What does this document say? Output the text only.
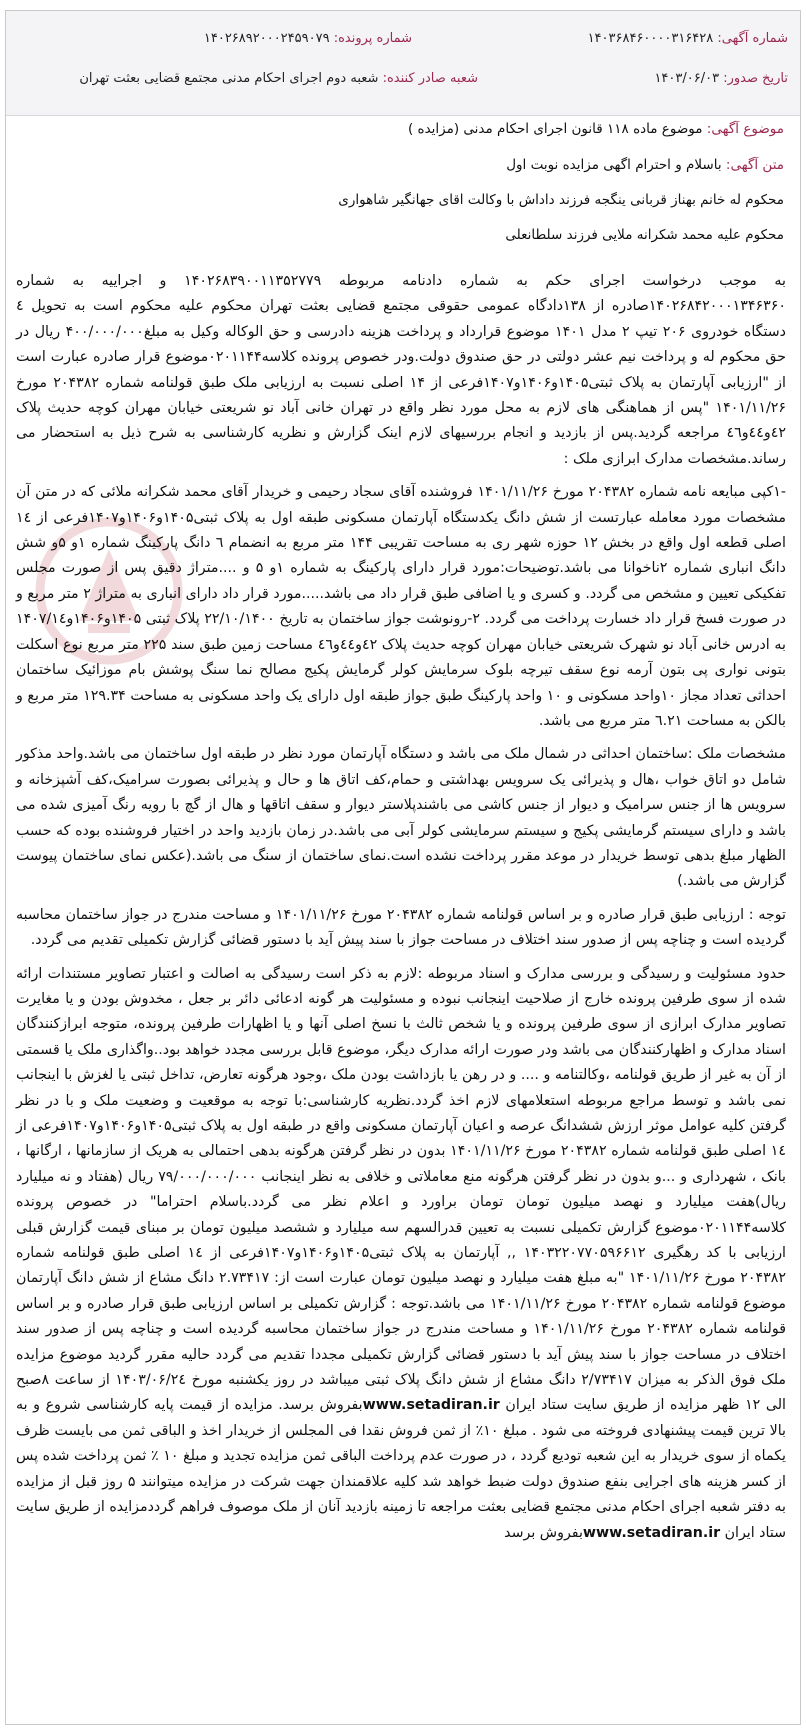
شماره آگهی: ۱۴۰۳۶۸۴۶۰۰۰۰۳۱۶۴۲۸
شماره پرونده: ۱۴۰۲۶۸۹۲۰۰۰۲۴۵۹۰۷۹
تاریخ صدور: ۱۴۰۳/۰۶/۰۳
شعبه صادر کننده: شعبه دوم اجرای احکام مدنی مجتمع قضایی بعثت تهران
موضوع آگهی: موضوع ماده ۱۱۸ قانون اجرای احکام مدنی (مزایده )
متن آگهی: باسلام و احترام اگهی مزایده نوبت اول
محکوم له خانم بهناز قربانی ینگجه فرزند داداش با وکالت اقای جهانگیر شاهواری
محکوم علیه محمد شکرانه ملایی فرزند سلطانعلی

به موجب درخواست اجرای حکم به شماره دادنامه مربوطه ۱۴۰۲۶۸۳۹۰۰۱۱۳۵۲۷۷۹ و اجراییه به شماره ۱۴۰۲۶۸۴۲۰۰۰۱۳۴۶۳۶۰صادره از ۱۳۸دادگاه عمومی حقوقی مجتمع قضایی بعثت تهران محکوم علیه محکوم است به تحویل ٤ دستگاه خودروی ۲۰۶ تیپ ۲ مدل ۱۴۰۱ موضوع قرارداد و پرداخت هزینه دادرسی و حق الوکاله وکیل به مبلغ۴۰۰/۰۰۰/۰۰۰ ریال در حق محکوم له و پرداخت نیم عشر دولتی در حق صندوق دولت.ودر خصوص پرونده کلاسه۰۲۰۱۱۴۴موضوع قرار صادره عبارت است از "ارزیابی آپارتمان به پلاک ثبتی۱۴۰۵و۱۴۰۶و۱۴۰۷فرعی از ۱۴ اصلی نسبت به ارزیابی ملک طبق قولنامه شماره ۲۰۴۳۸۲ مورخ ۱۴۰۱/۱۱/۲۶ "پس از هماهنگی های لازم به محل مورد نظر واقع در تهران خانی آباد نو شریعتی خیابان مهران کوچه حدیث پلاک ٤٢و٤٤و٤٦ مراجعه گردید.پس از بازدید و انجام بررسیهای لازم اینک گزارش و نظریه کارشناسی به شرح ذیل به استحضار می رساند.مشخصات مدارک ابرازی ملک :

-۱کپی مبایعه نامه شماره ۲۰۴۳۸۲ مورخ ۱۴۰۱/۱۱/۲۶ فروشنده آقای سجاد رحیمی و خریدار آقای محمد شکرانه ملائی که در متن آن مشخصات مورد معامله عبارتست از شش دانگ یکدستگاه آپارتمان مسکونی طبقه اول به پلاک ثبتی۱۴۰۵و۱۴۰۶و۱۴۰۷فرعی از ١٤ اصلی قطعه اول واقع در بخش ۱۲ حوزه شهر ری به مساحت تقریبی ۱۴۴ متر مربع به انضمام ٦ دانگ پارکینگ شماره ۱و ۵و شش دانگ انباری شماره ۲ناخوانا می باشد.توضیحات:مورد قرار دارای پارکینگ به شماره ۱و ۵ و ....متراژ دقیق پس از صورت مجلس تفکیکی تعیین و مشخص می گردد. و کسری و یا اضافی طبق قرار داد می باشد.....مورد قرار داد دارای انباری به متراژ ۲ متر مربع و در صورت فسخ قرار داد خسارت پرداخت می گردد. ۲-رونوشت جواز ساختمان به تاریخ ۲۲/۱۰/۱۴۰۰ پلاک ثبتی ۱۴۰۵و۱۴۰۶و۱۴۰۷/١٤ به ادرس خانی آباد نو شهرک شریعتی خیابان مهران کوچه حدیث پلاک ٤٢و٤٤و٤٦ مساحت زمین طبق سند ۲۲۵ متر مربع نوع اسکلت بتونی نواری پی بتون آرمه نوع سقف تیرچه بلوک سرمایش کولر گرمایش پکیج مصالح نما سنگ پوشش بام موزائیک ساختمان احداثی تعداد مجاز ۱۰واحد مسکونی و ۱۰ واحد پارکینگ طبق جواز طبقه اول دارای یک واحد مسکونی به مساحت ۱۲۹.۳۴ متر مربع و بالکن به مساحت ٦.٢١ متر مربع می باشد.

مشخصات ملک :ساختمان احداثی در شمال ملک می باشد و دستگاه آپارتمان مورد نظر در طبقه اول ساختمان می باشد.واحد مذکور شامل دو اتاق خواب ،هال و پذیرائی یک سرویس بهداشتی و حمام،کف اتاق ها و حال و پذیرائی بصورت سرامیک،کف آشپزخانه و سرویس ها از جنس سرامیک و دیوار از جنس کاشی می باشندپلاستر دیوار و سقف اتاقها و هال از گچ با رویه رنگ آمیزی شده می باشد و دارای سیستم گرمایشی پکیج و سیستم سرمایشی کولر آبی می باشد.در زمان بازدید واحد در اختیار فروشنده بوده که حسب الظهار مبلغ بدهی توسط خریدار در موعد مقرر پرداخت نشده است.نمای ساختمان از سنگ می باشد.(عکس نمای ساختمان پیوست گزارش می باشد.)

توجه : ارزیابی طبق قرار صادره و بر اساس قولنامه شماره ۲۰۴۳۸۲ مورخ ۱۴۰۱/۱۱/۲۶ و مساحت مندرج در جواز ساختمان محاسبه گردیده است و چناچه پس از صدور سند اختلاف در مساحت جواز با سند پیش آید با دستور قضائی گزارش تکمیلی تقدیم می گردد.

حدود مسئولیت و رسیدگی و بررسی مدارک و اسناد مربوطه :لازم به ذکر است رسیدگی به اصالت و اعتبار تصاویر مستندات ارائه شده از سوی طرفین پرونده خارج از صلاحیت اینجانب نبوده و مسئولیت هر گونه ادعائی دائر بر جعل ، مخدوش بودن و یا مغایرت تصاویر مدارک ابرازی از سوی طرفین پرونده و یا شخص ثالث با نسخ اصلی آنها و یا اظهارات طرفین پرونده، متوجه ابرازکنندگان اسناد مدارک و اظهارکنندگان می باشد ودر صورت ارائه مدارک دیگر، موضوع قابل بررسی مجدد خواهد بود..واگذاری ملک یا قسمتی از آن به غیر از طریق قولنامه ،وکالتنامه و .... و در رهن یا بازداشت بودن ملک ،وجود هرگونه تعارض، تداخل ثبتی یا لغزش با اینجانب نمی باشد و توسط مراجع مربوطه استعلامهای لازم اخذ گردد.نظریه کارشناسی:با توجه به موقعیت و وضعیت ملک و با در نظر گرفتن کلیه عوامل موثر ارزش ششدانگ عرصه و اعیان آپارتمان مسکونی واقع در طبقه اول به پلاک ثبتی۱۴۰۵و۱۴۰۶و۱۴۰۷فرعی از ١٤ اصلی طبق قولنامه شماره ۲۰۴۳۸۲ مورخ ۱۴۰۱/۱۱/۲۶ بدون در نظر گرفتن هرگونه بدهی احتمالی به هریک از سازمانها ، ارگانها ، بانک ، شهرداری و ...و بدون در نظر گرفتن هرگونه منع معاملاتی و خلافی به نظر اینجانب ۷۹/۰۰۰/۰۰۰/۰۰۰ ریال (هفتاد و نه میلیارد ریال)هفت میلیارد و نهصد میلیون تومان تومان براورد و اعلام نظر می گردد.باسلام احتراما" در خصوص پرونده کلاسه۰۲۰۱۱۴۴موضوع گزارش تکمیلی نسبت به تعیین قدرالسهم سه میلیارد و ششصد میلیون تومان بر مبنای قیمت گزارش قبلی ارزیابی با کد رهگیری ۱۴۰۳۲۲۰۷۷۰۵۹۶۶۱۲ ,, آپارتمان به پلاک ثبتی۱۴۰۵و۱۴۰۶و۱۴۰۷فرعی از ١٤ اصلی طبق قولنامه شماره ۲۰۴۳۸۲ مورخ ۱۴۰۱/۱۱/۲۶ "به مبلغ هفت میلیارد و نهصد میلیون تومان عبارت است از: ۲.۷۳۴۱۷ دانگ مشاع از شش دانگ آپارتمان موضوع قولنامه شماره ۲۰۴۳۸۲ مورخ ۱۴۰۱/۱۱/۲۶ می باشد.توجه : گزارش تکمیلی بر اساس ارزیابی طبق قرار صادره و بر اساس قولنامه شماره ۲۰۴۳۸۲ مورخ ۱۴۰۱/۱۱/۲۶ و مساحت مندرج در جواز ساختمان محاسبه گردیده است و چناچه پس از صدور سند اختلاف در مساحت جواز با سند پیش آید با دستور قضائی گزارش تکمیلی مجددا تقدیم می گردد حالیه مقرر گردید موضوع مزایده ملک فوق الذکر به میزان ۲/۷۳۴۱۷ دانگ مشاع از شش دانگ پلاک ثبتی میباشد در روز یکشنبه مورخ ۱۴۰۳/۰۶/۲٤ از ساعت ۸صبح الی ۱۲ ظهر مزایده از طریق سایت ستاد ایران www.setadiran.irبفروش برسد. مزایده از قیمت پایه کارشناسی شروع و به بالا ترین قیمت پیشنهادی فروخته می شود . مبلغ ۱۰٪ از ثمن فروش نقدا فی المجلس از خریدار اخذ و الباقی ثمن می بایست ظرف یکماه از سوی خریدار به این شعبه تودیع گردد ، در صورت عدم پرداخت الباقی ثمن مزایده تجدید و مبلغ ۱۰ ٪ ثمن پرداخت شده پس از کسر هزینه های اجرایی بنفع صندوق دولت ضبط خواهد شد کلیه علاقمندان جهت شرکت در مزایده میتوانند ۵ روز قبل از مزایده به دفتر شعبه اجرای احکام مدنی مجتمع قضایی بعثت مراجعه تا زمینه بازدید آنان از ملک موصوف فراهم گرددمزایده از طریق سایت ستاد ایران www.setadiran.irبفروش برسد
